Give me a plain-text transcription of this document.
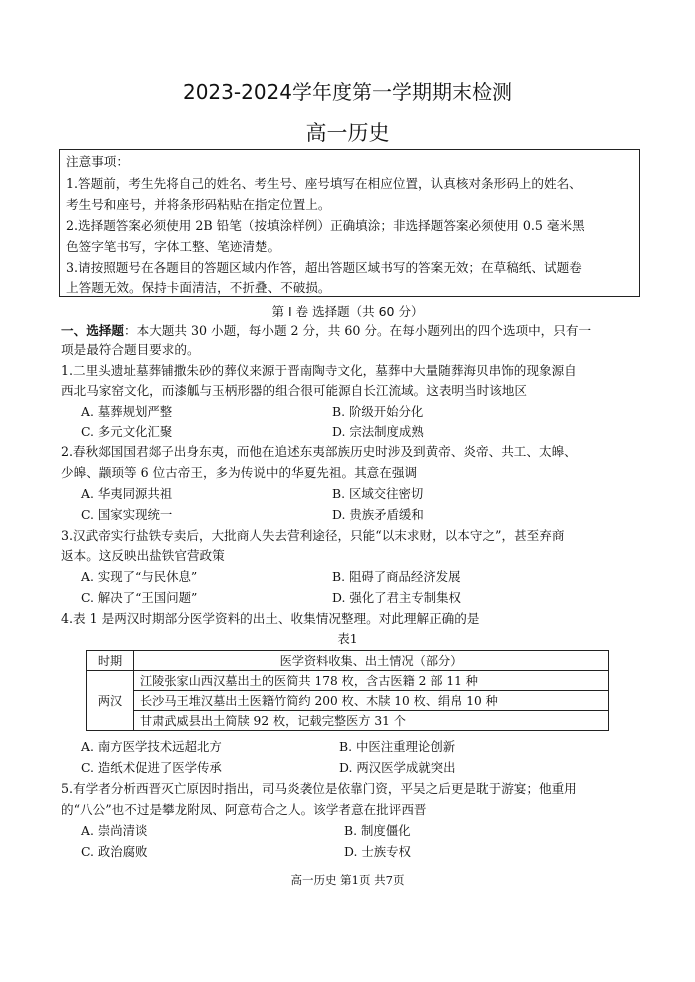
2023-2024学年度第一学期期末检测
高一历史
注意事项：
1.答题前，考生先将自己的姓名、考生号、座号填写在相应位置，认真核对条形码上的姓名、
考生号和座号，并将条形码粘贴在指定位置上。
2.选择题答案必须使用 2B 铅笔（按填涂样例）正确填涂；非选择题答案必须使用 0.5 毫米黑
色签字笔书写，字体工整、笔迹清楚。
3.请按照题号在各题目的答题区域内作答，超出答题区域书写的答案无效；在草稿纸、试题卷
上答题无效。保持卡面清洁，不折叠、不破损。
第 Ⅰ 卷 选择题（共 60 分）
一、选择题：本大题共 30 小题，每小题 2 分，共 60 分。在每小题列出的四个选项中，只有一
项是最符合题目要求的。
1.二里头遗址墓葬铺撒朱砂的葬仪来源于晋南陶寺文化，墓葬中大量随葬海贝串饰的现象源自
西北马家窑文化，而漆觚与玉柄形器的组合很可能源自长江流域。这表明当时该地区
A. 墓葬规划严整	B. 阶级开始分化
C. 多元文化汇聚	D. 宗法制度成熟
2.春秋郯国国君郯子出身东夷，而他在追述东夷部族历史时涉及到黄帝、炎帝、共工、太皞、
少皞、颛顼等 6 位古帝王，多为传说中的华夏先祖。其意在强调
A. 华夷同源共祖	B. 区域交往密切
C. 国家实现统一	D. 贵族矛盾缓和
3.汉武帝实行盐铁专卖后，大批商人失去营利途径，只能“以末求财，以本守之”，甚至弃商
返本。这反映出盐铁官营政策
A. 实现了“与民休息”	B. 阻碍了商品经济发展
C. 解决了“王国问题”	D. 强化了君主专制集权
4.表 1 是两汉时期部分医学资料的出土、收集情况整理。对此理解正确的是
表1
时期	医学资料收集、出土情况（部分）
两汉	江陵张家山西汉墓出土的医简共 178 枚，含古医籍 2 部 11 种
	长沙马王堆汉墓出土医籍竹简约 200 枚、木牍 10 枚、绢帛 10 种
	甘肃武威县出土简牍 92 枚，记载完整医方 31 个
A. 南方医学技术远超北方	B. 中医注重理论创新
C. 造纸术促进了医学传承	D. 两汉医学成就突出
5.有学者分析西晋灭亡原因时指出，司马炎袭位是依靠门资，平吴之后更是耽于游宴；他重用
的“八公”也不过是攀龙附凤、阿意苟合之人。该学者意在批评西晋
A. 崇尚清谈	B. 制度僵化
C. 政治腐败	D. 士族专权
高一历史 第1页 共7页
